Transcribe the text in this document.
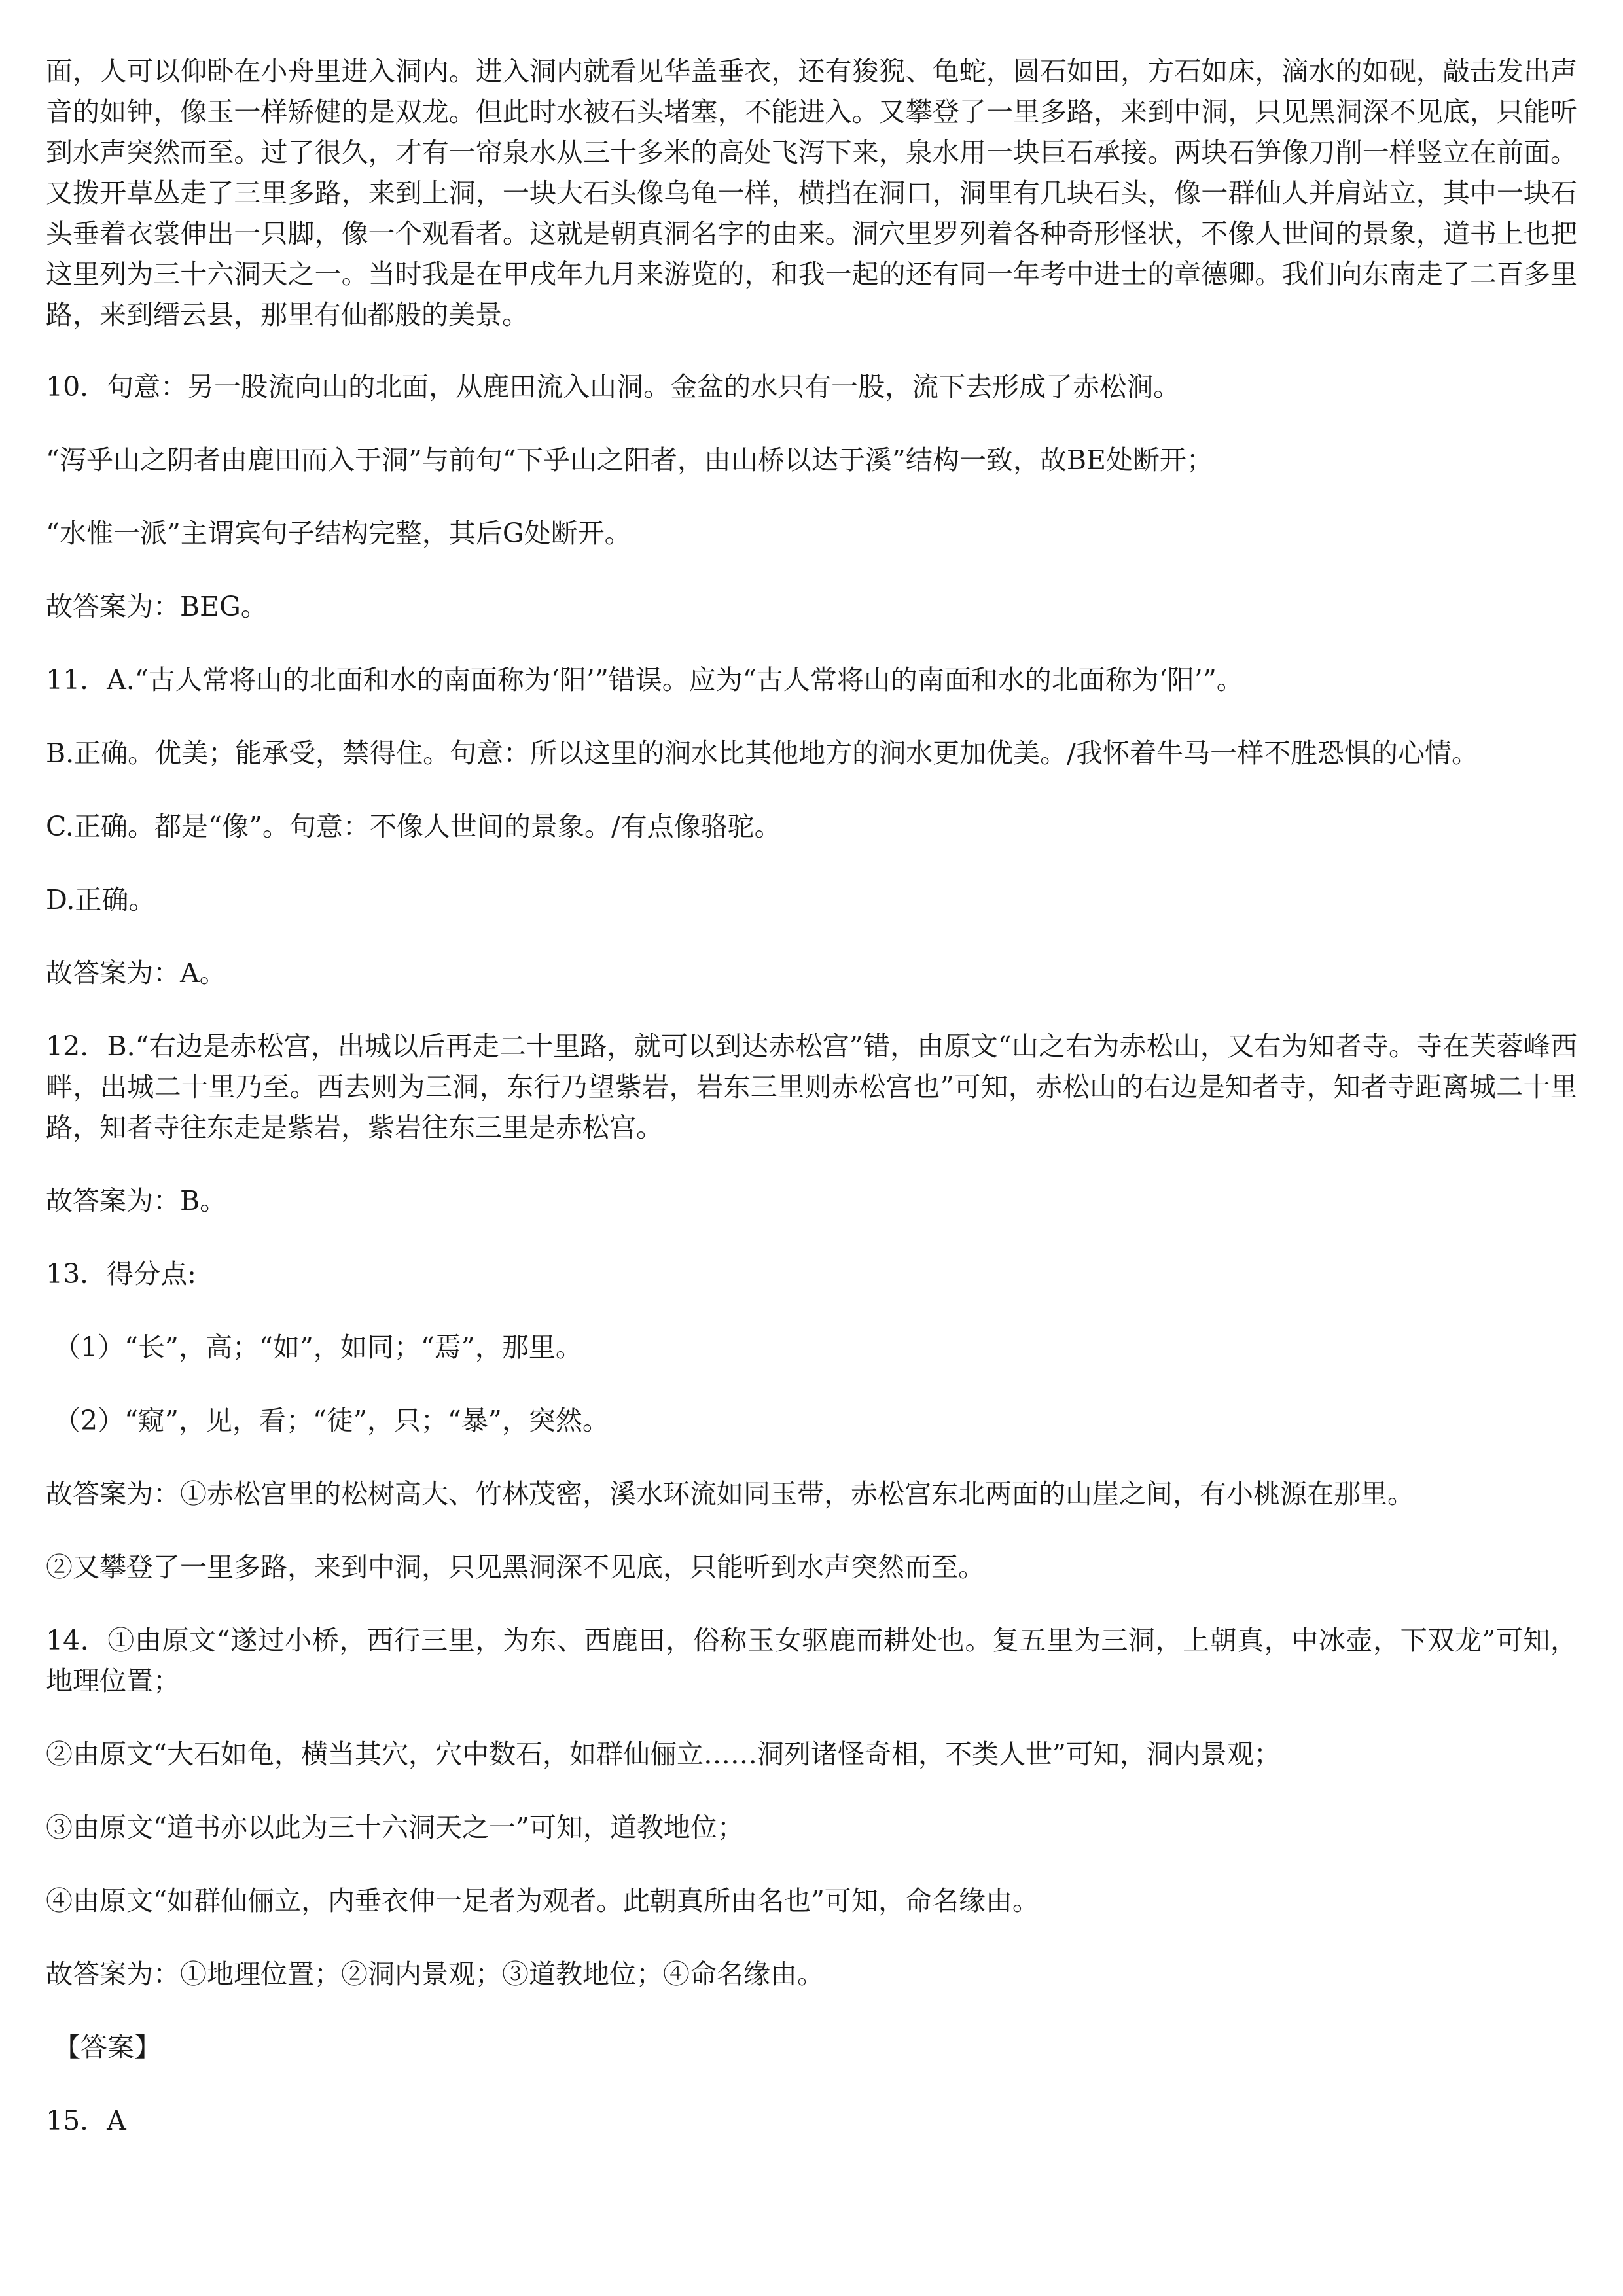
面，人可以仰卧在小舟里进入洞内。进入洞内就看见华盖垂衣，还有狻猊、龟蛇，圆石如田，方石如床，滴水的如砚，敲击发出声音的如钟，像玉一样矫健的是双龙。但此时水被石头堵塞，不能进入。又攀登了一里多路，来到中洞，只见黑洞深不见底，只能听到水声突然而至。过了很久，才有一帘泉水从三十多米的高处飞泻下来，泉水用一块巨石承接。两块石笋像刀削一样竖立在前面。又拨开草丛走了三里多路，来到上洞，一块大石头像乌龟一样，横挡在洞口，洞里有几块石头，像一群仙人并肩站立，其中一块石头垂着衣裳伸出一只脚，像一个观看者。这就是朝真洞名字的由来。洞穴里罗列着各种奇形怪状，不像人世间的景象，道书上也把这里列为三十六洞天之一。当时我是在甲戌年九月来游览的，和我一起的还有同一年考中进士的章德卿。我们向东南走了二百多里路，来到缙云县，那里有仙都般的美景。

10．句意：另一股流向山的北面，从鹿田流入山洞。金盆的水只有一股，流下去形成了赤松涧。

“泻乎山之阴者由鹿田而入于洞”与前句“下乎山之阳者，由山桥以达于溪”结构一致，故BE处断开；

“水惟一派”主谓宾句子结构完整，其后G处断开。

故答案为：BEG。

11．A.“古人常将山的北面和水的南面称为‘阳’”错误。应为“古人常将山的南面和水的北面称为‘阳’”。

B.正确。优美；能承受，禁得住。句意：所以这里的涧水比其他地方的涧水更加优美。/我怀着牛马一样不胜恐惧的心情。

C.正确。都是“像”。句意：不像人世间的景象。/有点像骆驼。

D.正确。

故答案为：A。

12．B.“右边是赤松宫，出城以后再走二十里路，就可以到达赤松宫”错，由原文“山之右为赤松山，又右为知者寺。寺在芙蓉峰西畔，出城二十里乃至。西去则为三洞，东行乃望紫岩，岩东三里则赤松宫也”可知，赤松山的右边是知者寺，知者寺距离城二十里路，知者寺往东走是紫岩，紫岩往东三里是赤松宫。

故答案为：B。

13．得分点:

（1）“长”，高；“如”，如同；“焉”，那里。

（2）“窥”，见，看；“徒”，只；“暴”，突然。

故答案为：①赤松宫里的松树高大、竹林茂密，溪水环流如同玉带，赤松宫东北两面的山崖之间，有小桃源在那里。

②又攀登了一里多路，来到中洞，只见黑洞深不见底，只能听到水声突然而至。

14．①由原文“遂过小桥，西行三里，为东、西鹿田，俗称玉女驱鹿而耕处也。复五里为三洞，上朝真，中冰壶，下双龙”可知，地理位置；

②由原文“大石如龟，横当其穴，穴中数石，如群仙俪立……洞列诸怪奇相，不类人世”可知，洞内景观；

③由原文“道书亦以此为三十六洞天之一”可知，道教地位；

④由原文“如群仙俪立，内垂衣伸一足者为观者。此朝真所由名也”可知，命名缘由。

故答案为：①地理位置；②洞内景观；③道教地位；④命名缘由。

【答案】

15．A
